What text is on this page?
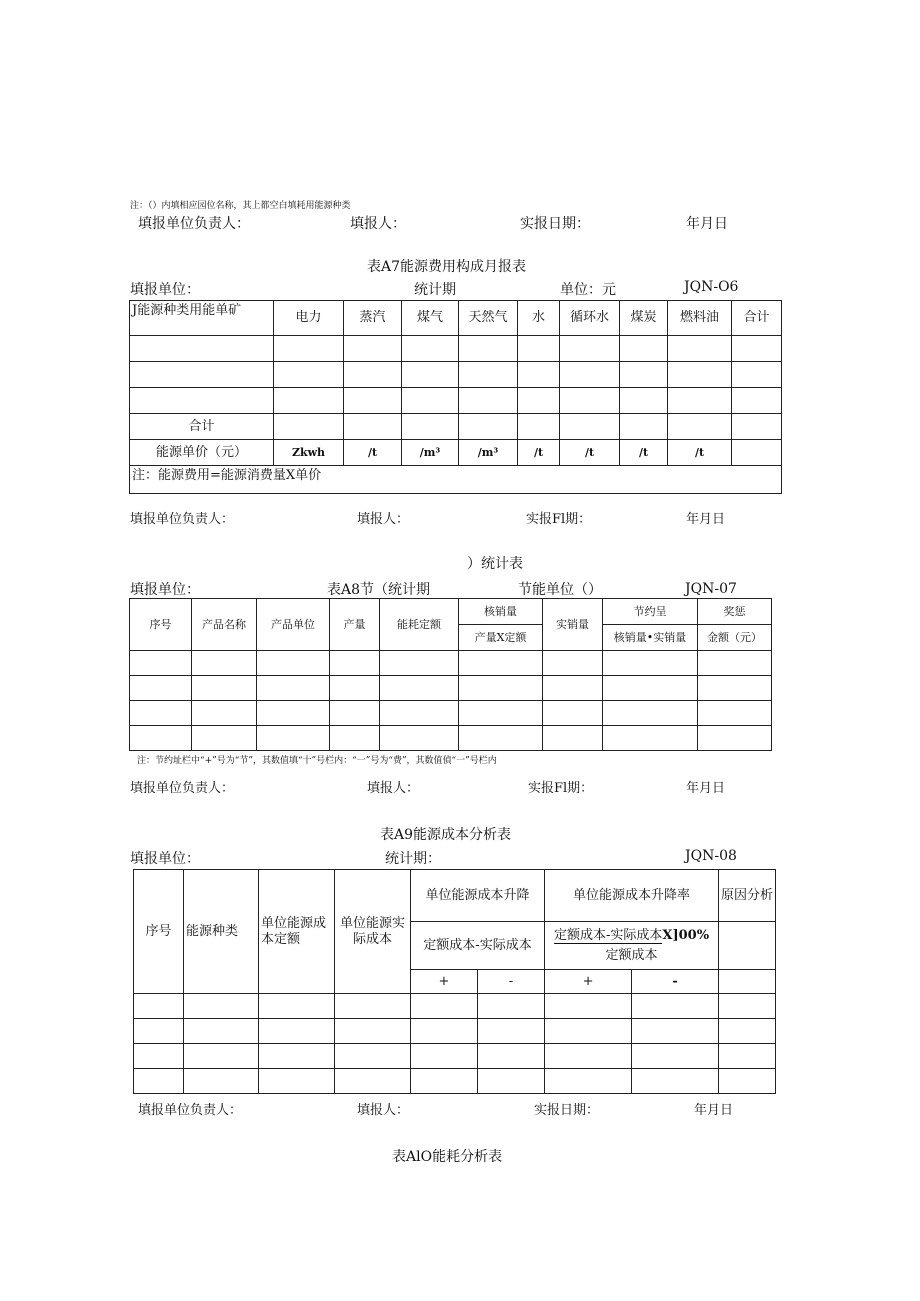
注：（）内填相应园位名称，其上都空白填耗用能源种类
填报单位负责人：	填报人：	实报日期：	年月日
表A7能源费用构成月报表
填报单位：	统计期	单位：元	JQN-O6
J能源种类用能单矿	电力	蒸汽	煤气	天然气	水	循环水	煤炭	燃料油	合计

合计									
能源单价（元）	Zkwh	/t	/m³	/m³	/t	/t	/t	/t	
注：能源费用=能源消费量X单价									
填报单位负责人：	填报人：	实报Fl期：	年月日
）统计表
填报单位：	表A8节（统计期	节能单位（）	JQN-07
序号	产品名称	产品单位	产量	能耗定额	核销量	实销量	节约呈	奖惩
					产量X定额		核销量•实销量	金额（元）

注：节约址栏中“+”号为“节”，其数值填“十”号栏内：“一”号为“费”，其数值偵“一”号栏内
填报单位负责人：	填报人：	实报Fl期：	年月日
表A9能源成本分析表
填报单位：	统计期：	JQN-08
序号	能源种类	单位能源成本定额	单位能源实际成本	单位能源成本升降		单位能源成本升降率		原因分析
				定额成本-实际成本		定额成本-实际成本X]00%
定额成本		
				+	-	+	-	

填报单位负责人：	填报人：	实报日期：	年月日
表AlO能耗分析表
